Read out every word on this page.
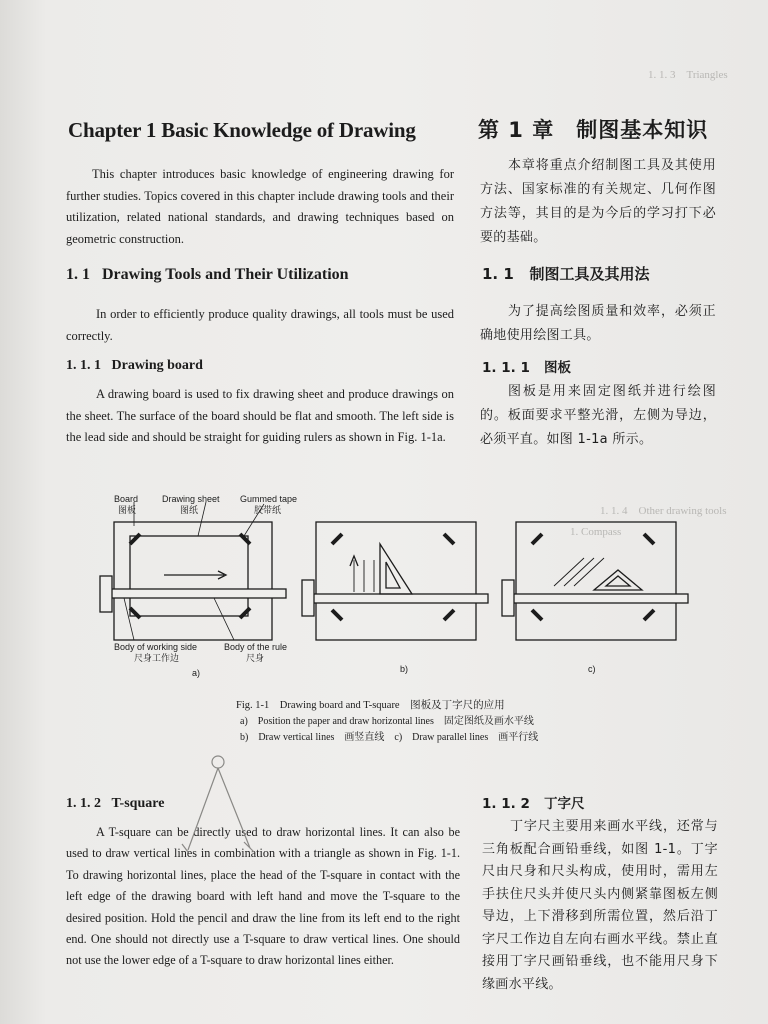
1. 1. 3　Triangles
1. 1. 4　Other drawing tools
1. Compass
Chapter 1 Basic Knowledge of Drawing	第 1 章　制图基本知识
This chapter introduces basic knowledge of engineering drawing for further studies. Topics covered in this chapter include drawing tools and their utilization, related national standards, and drawing techniques based on geometric construction.
本章将重点介绍制图工具及其使用方法、国家标准的有关规定、几何作图方法等，其目的是为今后的学习打下必要的基础。
1. 1 Drawing Tools and Their Utilization	1. 1 制图工具及其用法
In order to efficiently produce quality drawings, all tools must be used correctly.
为了提高绘图质量和效率，必须正确地使用绘图工具。
1. 1. 1 Drawing board	1. 1. 1 图板
A drawing board is used to fix drawing sheet and produce drawings on the sheet. The surface of the board should be flat and smooth. The left side is the lead side and should be straight for guiding rulers as shown in Fig. 1-1a.
图板是用来固定图纸并进行绘图的。板面要求平整光滑，左侧为导边，必须平直。如图 1-1a 所示。
Board
图板
Drawing sheet
图纸
Gummed tape
胶带纸
Body of working side
尺身工作边
Body of the rule
尺身
a)	b)	c)
Fig. 1-1　Drawing board and T-square　图板及丁字尺的应用
a)　Position the paper and draw horizontal lines　固定图纸及画水平线
b)　Draw vertical lines　画竖直线　c)　Draw parallel lines　画平行线
1. 1. 2 T-square	1. 1. 2 丁字尺
A T-square can be directly used to draw horizontal lines. It can also be used to draw vertical lines in combination with a triangle as shown in Fig. 1-1. To drawing horizontal lines, place the head of the T-square in contact with the left edge of the drawing board with left hand and move the T-square to the desired position. Hold the pencil and draw the line from its left end to the right end. One should not directly use a T-square to draw vertical lines. One should not use the lower edge of a T-square to draw horizontal lines either.
丁字尺主要用来画水平线，还常与三角板配合画铅垂线，如图 1-1。丁字尺由尺身和尺头构成，使用时，需用左手扶住尺头并使尺头内侧紧靠图板左侧导边，上下滑移到所需位置，然后沿丁字尺工作边自左向右画水平线。禁止直接用丁字尺画铅垂线，也不能用尺身下缘画水平线。
